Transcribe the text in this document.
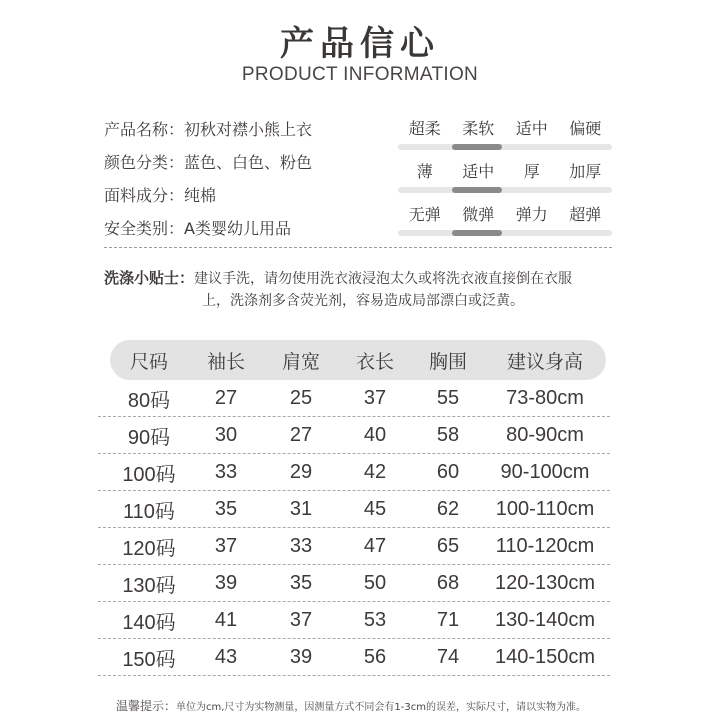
产品信心
PRODUCT INFORMATION
产品名称：初秋对襟小熊上衣
颜色分类：蓝色、白色、粉色
面料成分：纯棉
安全类别：A类婴幼儿用品
超柔	柔软	适中	偏硬
薄	适中	厚	加厚
无弹	微弹	弹力	超弹
洗涤小贴士：建议手洗，请勿使用洗衣液浸泡太久或将洗衣液直接倒在衣服
上，洗涤剂多含荧光剂，容易造成局部漂白或泛黄。
尺码	袖长	肩宽	衣长	胸围	建议身高
80码	27	25	37	55	73-80cm
90码	30	27	40	58	80-90cm
100码	33	29	42	60	90-100cm
110码	35	31	45	62	100-110cm
120码	37	33	47	65	110-120cm
130码	39	35	50	68	120-130cm
140码	41	37	53	71	130-140cm
150码	43	39	56	74	140-150cm
温馨提示：单位为cm,尺寸为实物测量，因测量方式不同会有1-3cm的误差，实际尺寸，请以实物为准。
